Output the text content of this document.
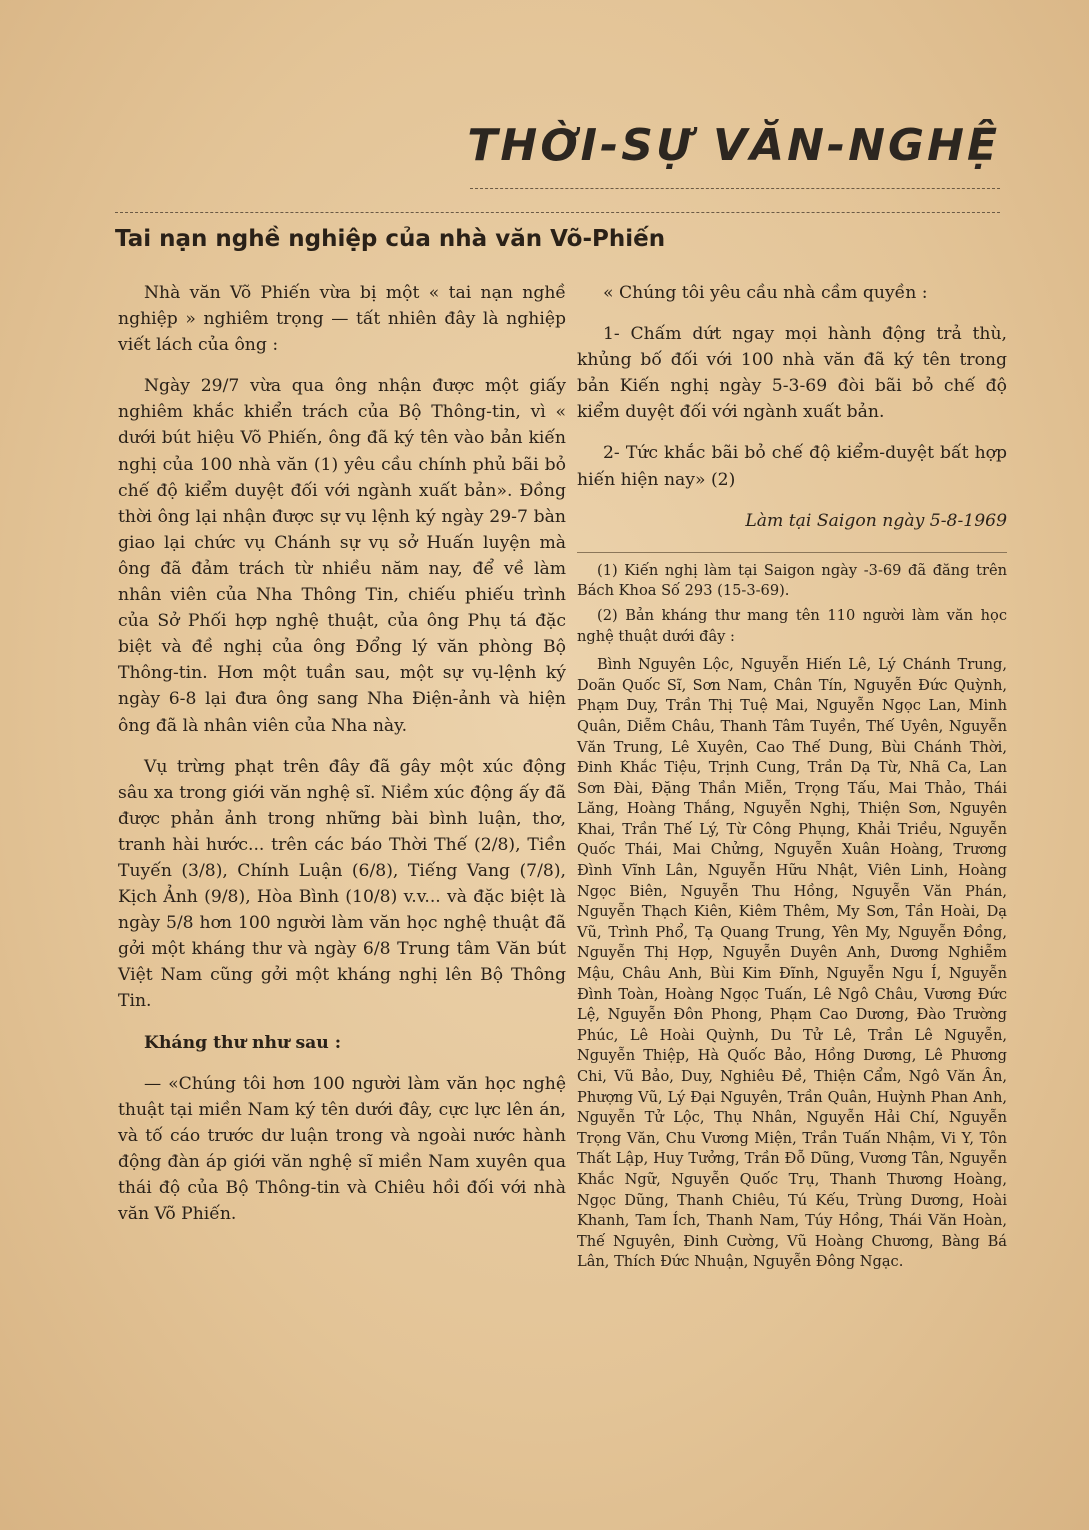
THỜI-SỰ VĂN-NGHỆ
Tai nạn nghề nghiệp của nhà văn Võ-Phiến

Nhà văn Võ Phiến vừa bị một « tai nạn nghề nghiệp » nghiêm trọng — tất nhiên đây là nghiệp viết lách của ông :

Ngày 29/7 vừa qua ông nhận được một giấy nghiêm khắc khiển trách của Bộ Thông-tin, vì « dưới bút hiệu Võ Phiến, ông đã ký tên vào bản kiến nghị của 100 nhà văn (1) yêu cầu chính phủ bãi bỏ chế độ kiểm duyệt đối với ngành xuất bản». Đồng thời ông lại nhận được sự vụ lệnh ký ngày 29-7 bàn giao lại chức vụ Chánh sự vụ sở Huấn luyện mà ông đã đảm trách từ nhiều năm nay, để về làm nhân viên của Nha Thông Tin, chiếu phiếu trình của Sở Phối hợp nghệ thuật, của ông Phụ tá đặc biệt và đề nghị của ông Đổng lý văn phòng Bộ Thông-tin. Hơn một tuần sau, một sự vụ-lệnh ký ngày 6-8 lại đưa ông sang Nha Điện-ảnh và hiện ông đã là nhân viên của Nha này.

Vụ trừng phạt trên đây đã gây một xúc động sâu xa trong giới văn nghệ sĩ. Niềm xúc động ấy đã được phản ảnh trong những bài bình luận, thơ, tranh hài hước... trên các báo Thời Thế (2/8), Tiền Tuyến (3/8), Chính Luận (6/8), Tiếng Vang (7/8), Kịch Ảnh (9/8), Hòa Bình (10/8) v.v... và đặc biệt là ngày 5/8 hơn 100 người làm văn học nghệ thuật đã gởi một kháng thư và ngày 6/8 Trung tâm Văn bút Việt Nam cũng gởi một kháng nghị lên Bộ Thông Tin.

Kháng thư như sau :

— «Chúng tôi hơn 100 người làm văn học nghệ thuật tại miền Nam ký tên dưới đây, cực lực lên án, và tố cáo trước dư luận trong và ngoài nước hành động đàn áp giới văn nghệ sĩ miền Nam xuyên qua thái độ của Bộ Thông-tin và Chiêu hồi đối với nhà văn Võ Phiến.

« Chúng tôi yêu cầu nhà cầm quyền :

1- Chấm dứt ngay mọi hành động trả thù, khủng bố đối với 100 nhà văn đã ký tên trong bản Kiến nghị ngày 5-3-69 đòi bãi bỏ chế độ kiểm duyệt đối với ngành xuất bản.

2- Tức khắc bãi bỏ chế độ kiểm-duyệt bất hợp hiến hiện nay» (2)

Làm tại Saigon ngày 5-8-1969

(1) Kiến nghị làm tại Saigon ngày -3-69 đã đăng trên Bách Khoa Số 293 (15-3-69).

(2) Bản kháng thư mang tên 110 người làm văn học nghệ thuật dưới đây :

Bình Nguyên Lộc, Nguyễn Hiến Lê, Lý Chánh Trung, Doãn Quốc Sĩ, Sơn Nam, Chân Tín, Nguyễn Đức Quỳnh, Phạm Duy, Trần Thị Tuệ Mai, Nguyễn Ngọc Lan, Minh Quân, Diễm Châu, Thanh Tâm Tuyền, Thế Uyên, Nguyễn Văn Trung, Lê Xuyên, Cao Thế Dung, Bùi Chánh Thời, Đinh Khắc Tiệu, Trịnh Cung, Trần Dạ Từ, Nhã Ca, Lan Sơn Đài, Đặng Thần Miễn, Trọng Tấu, Mai Thảo, Thái Lăng, Hoàng Thắng, Nguyễn Nghị, Thiện Sơn, Nguyên Khai, Trần Thế Lý, Từ Công Phụng, Khải Triều, Nguyễn Quốc Thái, Mai Chửng, Nguyễn Xuân Hoàng, Trương Đình Vĩnh Lân, Nguyễn Hữu Nhật, Viên Linh, Hoàng Ngọc Biên, Nguyễn Thu Hồng, Nguyễn Văn Phán, Nguyễn Thạch Kiên, Kiêm Thêm, My Sơn, Tần Hoài, Dạ Vũ, Trình Phổ, Tạ Quang Trung, Yên My, Nguyễn Đồng, Nguyễn Thị Hợp, Nguyễn Duyên Anh, Dương Nghiễm Mậu, Châu Anh, Bùi Kim Đĩnh, Nguyễn Ngu Í, Nguyễn Đình Toàn, Hoàng Ngọc Tuấn, Lê Ngô Châu, Vương Đức Lệ, Nguyễn Đôn Phong, Phạm Cao Dương, Đào Trường Phúc, Lê Hoài Quỳnh, Du Tử Lê, Trần Lê Nguyễn, Nguyễn Thiệp, Hà Quốc Bảo, Hồng Dương, Lê Phương Chi, Vũ Bảo, Duy, Nghiêu Đề, Thiện Cẩm, Ngô Văn Ân, Phượng Vũ, Lý Đại Nguyên, Trần Quân, Huỳnh Phan Anh, Nguyễn Tử Lộc, Thụ Nhân, Nguyễn Hải Chí, Nguyễn Trọng Văn, Chu Vương Miện, Trần Tuấn Nhậm, Vi Y, Tôn Thất Lập, Huy Tưởng, Trần Đỗ Dũng, Vương Tân, Nguyễn Khắc Ngữ, Nguyễn Quốc Trụ, Thanh Thương Hoàng, Ngọc Dũng, Thanh Chiêu, Tú Kếu, Trùng Dương, Hoài Khanh, Tam Ích, Thanh Nam, Túy Hồng, Thái Văn Hoàn, Thế Nguyên, Đinh Cường, Vũ Hoàng Chương, Bàng Bá Lân, Thích Đức Nhuận, Nguyễn Đông Ngạc.
